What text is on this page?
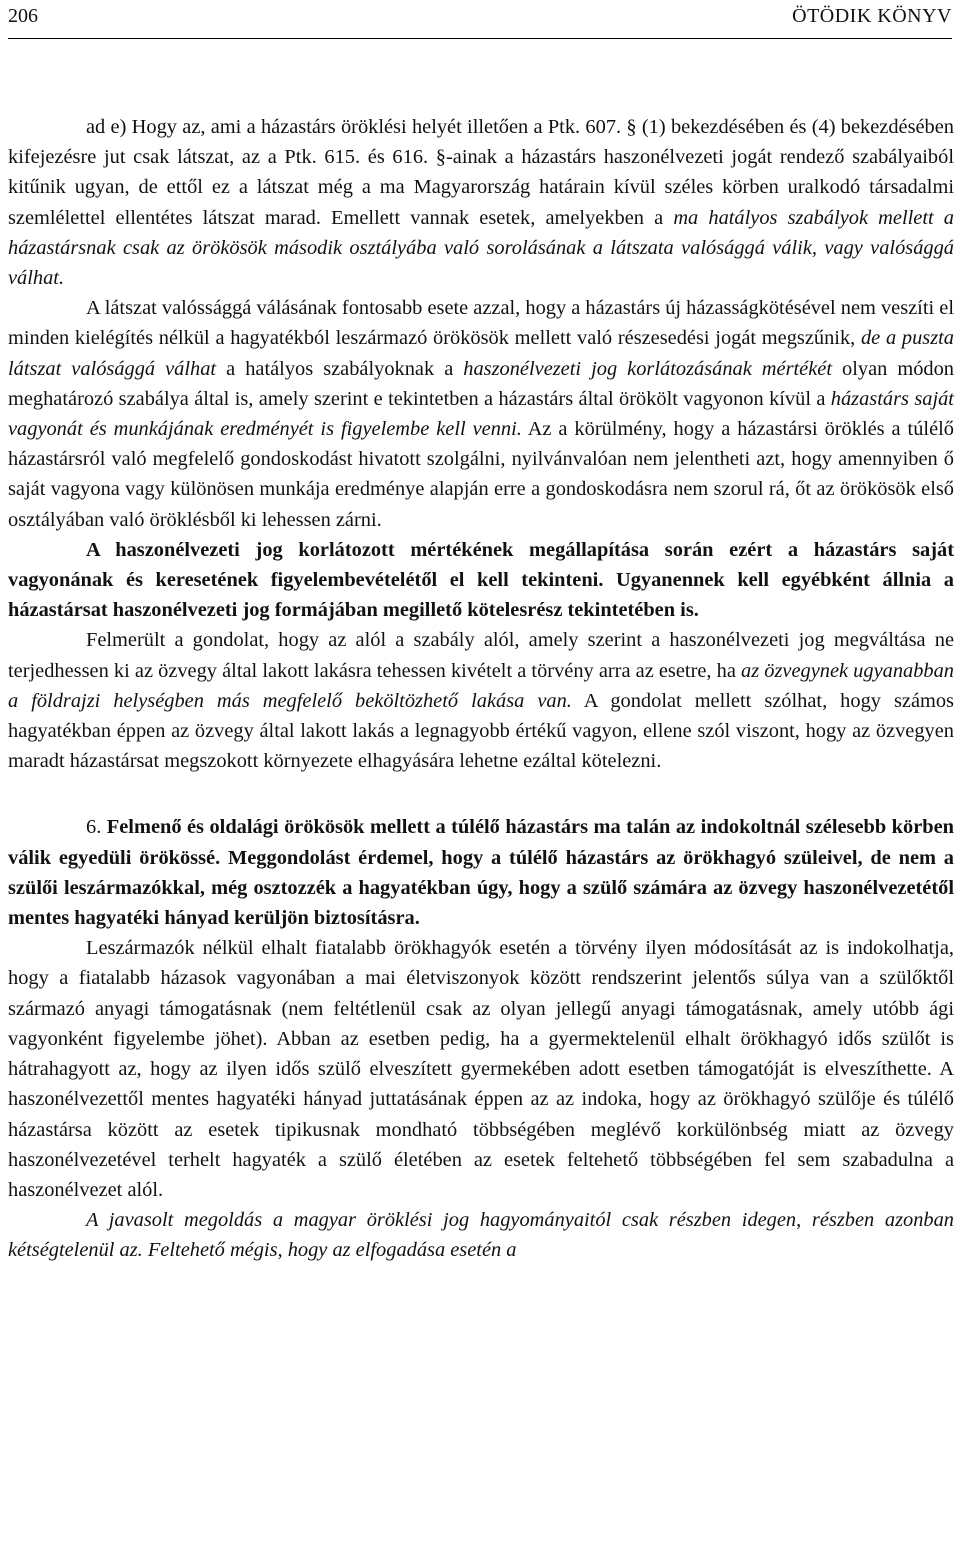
206	ÖTÖDIK KÖNYV

ad e) Hogy az, ami a házastárs öröklési helyét illetően a Ptk. 607. § (1) bekezdésében és (4) bekezdésében kifejezésre jut csak látszat, az a Ptk. 615. és 616. §-ainak a házastárs haszonélvezeti jogát rendező szabályaiból kitűnik ugyan, de ettől ez a látszat még a ma Magyarország határain kívül széles körben uralkodó társadalmi szemlélettel ellentétes látszat marad. Emellett vannak esetek, amelyekben a ma hatályos szabályok mellett a házastársnak csak az örökösök második osztályába való sorolásának a látszata valósággá válik, vagy valósággá válhat.

A látszat valóssággá válásának fontosabb esete azzal, hogy a házastárs új házasságkötésével nem veszíti el minden kielégítés nélkül a hagyatékból leszármazó örökösök mellett való részesedési jogát megszűnik, de a puszta látszat valósággá válhat a hatályos szabályoknak a haszonélvezeti jog korlátozásának mértékét olyan módon meghatározó szabálya által is, amely szerint e tekintetben a házastárs által örökölt vagyonon kívül a házastárs saját vagyonát és munkájának eredményét is figyelembe kell venni. Az a körülmény, hogy a házastársi öröklés a túlélő házastársról való megfelelő gondoskodást hivatott szolgálni, nyilvánvalóan nem jelentheti azt, hogy amennyiben ő saját vagyona vagy különösen munkája eredménye alapján erre a gondoskodásra nem szorul rá, őt az örökösök első osztályában való öröklésből ki lehessen zárni.

A haszonélvezeti jog korlátozott mértékének megállapítása során ezért a házastárs saját vagyonának és keresetének figyelembevételétől el kell tekinteni. Ugyanennek kell egyébként állnia a házastársat haszonélvezeti jog formájában megillető kötelesrész tekintetében is.

Felmerült a gondolat, hogy az alól a szabály alól, amely szerint a haszonélvezeti jog megváltása ne terjedhessen ki az özvegy által lakott lakásra tehessen kivételt a törvény arra az esetre, ha az özvegynek ugyanabban a földrajzi helységben más megfelelő beköltözhető lakása van. A gondolat mellett szólhat, hogy számos hagyatékban éppen az özvegy által lakott lakás a legnagyobb értékű vagyon, ellene szól viszont, hogy az özvegyen maradt házastársat megszokott környezete elhagyására lehetne ezáltal kötelezni.

6. Felmenő és oldalági örökösök mellett a túlélő házastárs ma talán az indokoltnál szélesebb körben válik egyedüli örökössé. Meggondolást érdemel, hogy a túlélő házastárs az örökhagyó szüleivel, de nem a szülői leszármazókkal, még osztozzék a hagyatékban úgy, hogy a szülő számára az özvegy haszonélvezetétől mentes hagyatéki hányad kerüljön biztosításra.

Leszármazók nélkül elhalt fiatalabb örökhagyók esetén a törvény ilyen módosítását az is indokolhatja, hogy a fiatalabb házasok vagyonában a mai életviszonyok között rendszerint jelentős súlya van a szülőktől származó anyagi támogatásnak (nem feltétlenül csak az olyan jellegű anyagi támogatásnak, amely utóbb ági vagyonként figyelembe jöhet). Abban az esetben pedig, ha a gyermektelenül elhalt örökhagyó idős szülőt is hátrahagyott az, hogy az ilyen idős szülő elveszített gyermekében adott esetben támogatóját is elveszíthette. A haszonélvezettől mentes hagyatéki hányad juttatásának éppen az az indoka, hogy az örökhagyó szülője és túlélő házastársa között az esetek tipikusnak mondható többségében meglévő korkülönbség miatt az özvegy haszonélvezetével terhelt hagyaték a szülő életében az esetek feltehető többségében fel sem szabadulna a haszonélvezet alól.

A javasolt megoldás a magyar öröklési jog hagyományaitól csak részben idegen, részben azonban kétségtelenül az. Feltehető mégis, hogy az elfogadása esetén a
